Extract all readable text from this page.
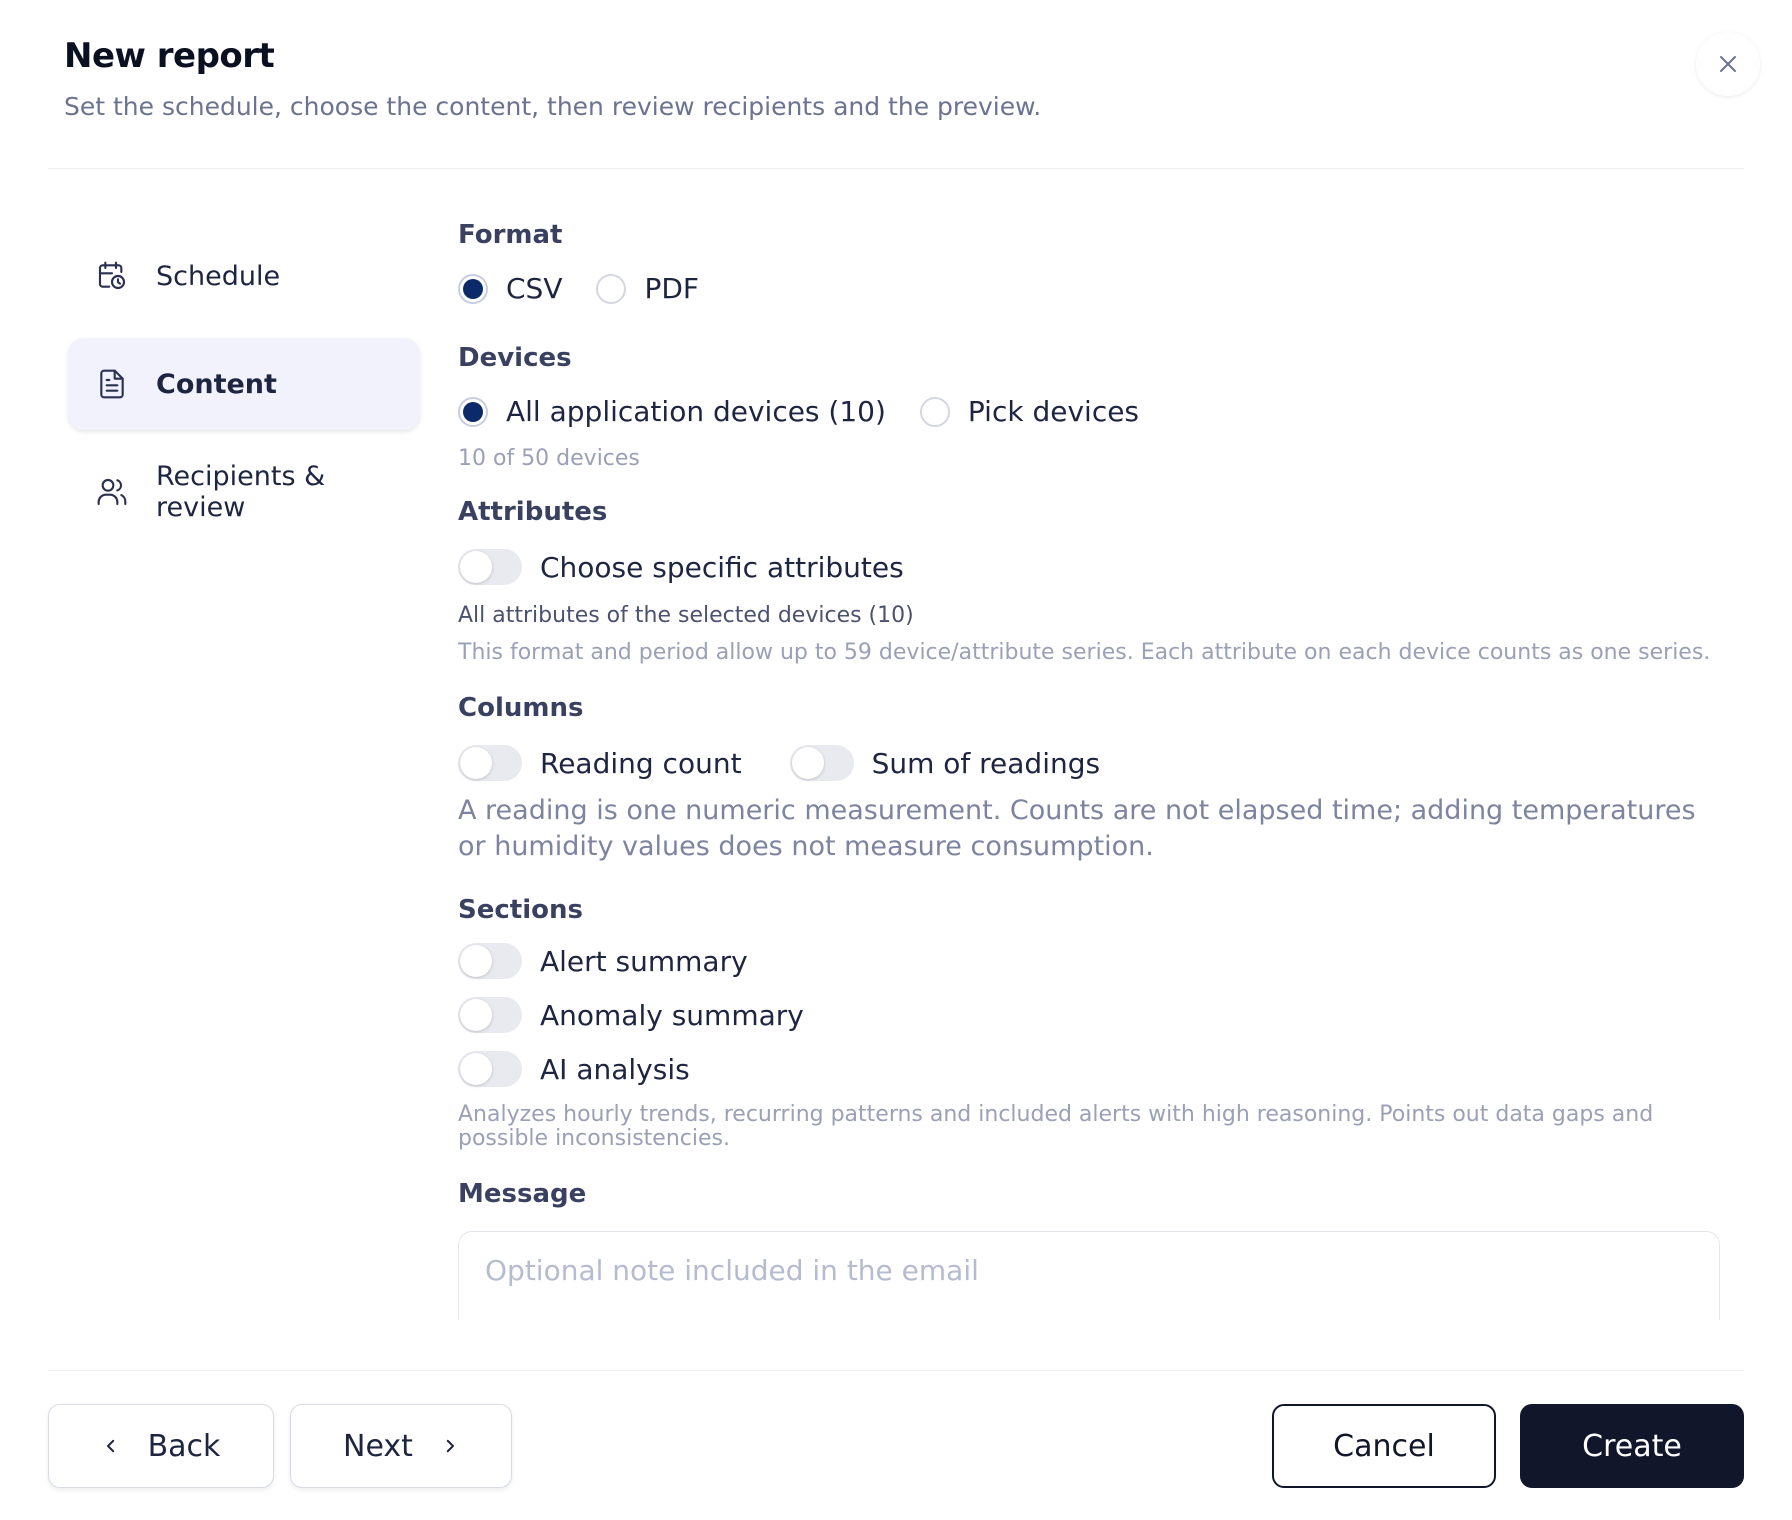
New report
Set the schedule, choose the content, then review recipients and the preview.
Schedule
Content
Recipients & review
Format
CSV	PDF
Devices
All application devices (10)	Pick devices
10 of 50 devices
Attributes
Choose specific attributes
All attributes of the selected devices (10)
This format and period allow up to 59 device/attribute series. Each attribute on each device counts as one series.
Columns
Reading count	Sum of readings
A reading is one numeric measurement. Counts are not elapsed time; adding temperatures or humidity values does not measure consumption.
Sections
Alert summary
Anomaly summary
AI analysis
Analyzes hourly trends, recurring patterns and included alerts with high reasoning. Points out data gaps and possible inconsistencies.
Message
Optional note included in the email
Back	Next	Cancel	Create
